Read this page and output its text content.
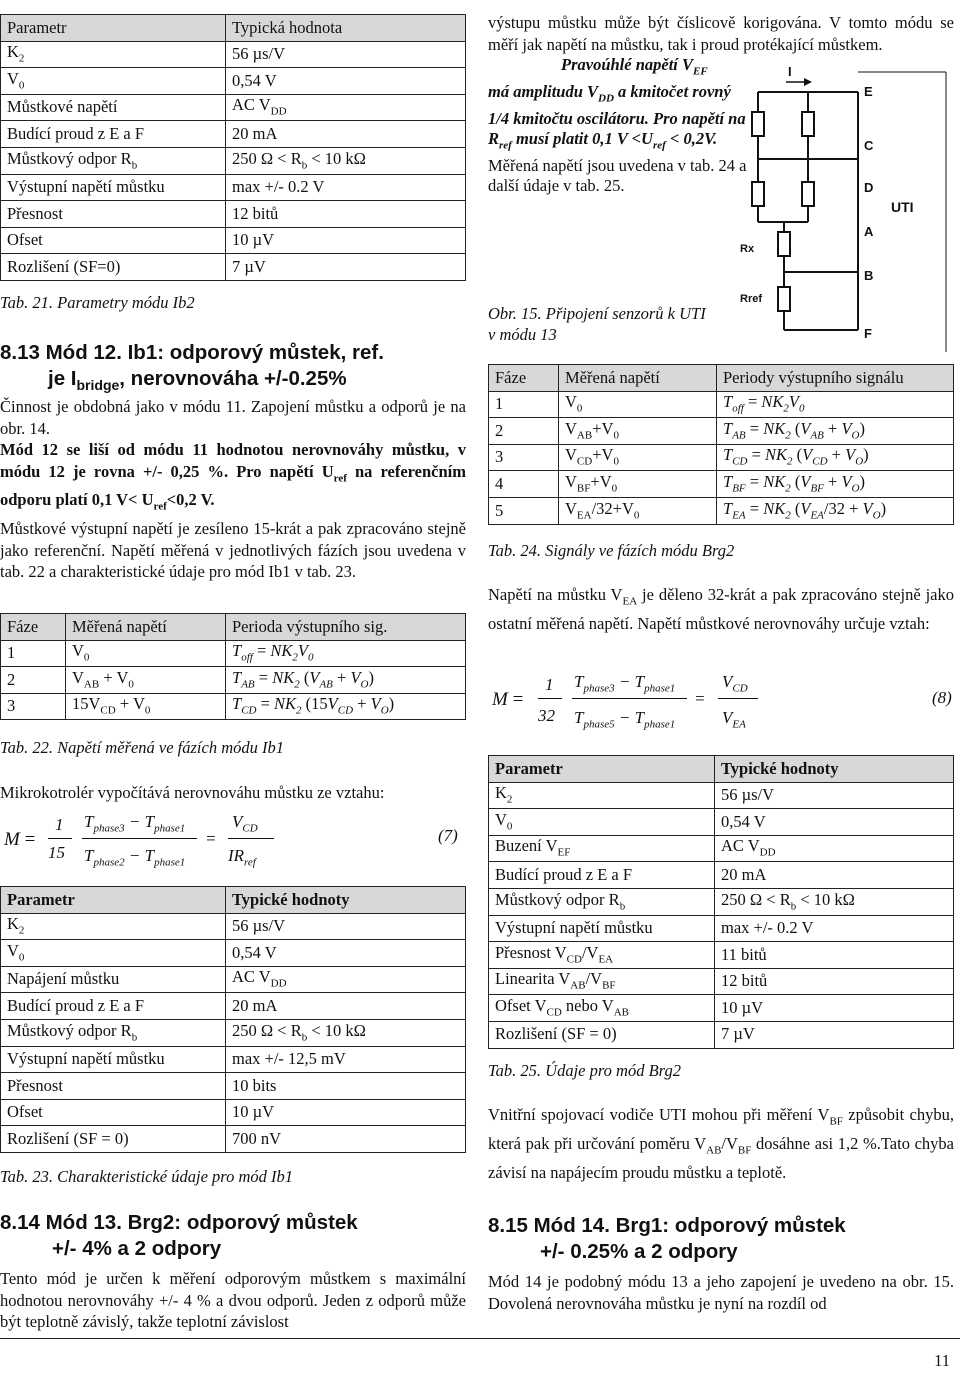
Parametr	Typická hodnota
$K_2$	56 µs/V
$V_0$	0,54 V
Můstkové napětí	AC $V_{DD}$
Budící proud z E a F	20 mA
Můstkový odpor $R_b$	250 $\Omega < R_b < 10$ kΩ
Výstupní napětí můstku	max +/- 0.2 V
Přesnost	12 bitů
Ofset	10 µV
Rozlišení (SF=0)	7 µV
Tab. 21. Parametry módu Ib2
8.13 Mód 12. Ib1: odporový můstek, ref.
je $I_{bridge}$, nerovnováha +/-0.25%
Činnost je obdobná jako v módu 11. Zapojení můstku a odporů je na obr. 14.
Mód 12 se liší od módu 11 hodnotou nerovnováhy můstku, v módu 12 je rovna +/- 0,25 %. Pro napětí $U_{ref}$ na referenčním odporu platí 0,1 $V< U_{ref}<0,2$ V.
Můstkové výstupní napětí je zesíleno 15-krát a pak zpracováno stejně jako referenční. Napětí měřená v jednotlivých fázích jsou uvedena v tab. 22 a charakteristické údaje pro mód Ib1 v tab. 23.
Fáze	Měřená napětí	Perioda výstupního sig.
1	$V_0$	$T_{off} = NK_2V_0$
2	$V_{AB} + V_0$	$T_{AB} = NK_2$ $(V_{AB} + V_O)$
3	$15V_{CD} + V_0$	$T_{CD} = NK_2$ $(15V_{CD} + V_O)$
Tab. 22. Napětí měřená ve fázích módu Ib1
Mikrokotrolér vypočítává nerovnováhu můstku ze vztahu:
M =
1
15
$T_{phase3} - T_{phase1}$
$T_{phase2} - T_{phase1}$
=
$V_{CD}$
$IR_{ref}$
(7)
Parametr	Typické hodnoty
$K_2$	56 µs/V
$V_0$	0,54 V
Napájení můstku	AC $V_{DD}$
Budící proud z E a F	20 mA
Můstkový odpor $R_b$	250 $\Omega < R_b < 10$ kΩ
Výstupní napětí můstku	max +/- 12,5 mV
Přesnost	10 bits
Ofset	10 µV
Rozlišení (SF = 0)	700 nV
Tab. 23. Charakteristické údaje pro mód Ib1
8.14 Mód 13. Brg2: odporový můstek
+/- 4% a 2 odpory
Tento mód je určen k měření odporovým můstkem s maximální hodnotou nerovnováhy +/- 4 % a dvou odporů. Jeden z odporů může být teplotně závislý, takže teplotní závislost
výstupu můstku může být číslicově korigována. V tomto módu se měří jak napětí na můstku, tak i proud protékající můstkem.
Pravoúhlé napětí $V_{EF}$
má amplitudu $V_{DD}$ a kmitočet rovný 1/4 kmitočtu oscilátoru. Pro napětí na $R_{ref}$ musí platit 0,1 $V <U_{ref} < 0,2V$.
Měřená napětí jsou uvedena v tab. 24 a další údaje v tab. 25.
I
E
C
D
A
B
F
UTI
Rx
Rref
Obr. 15. Připojení senzorů k UTI
v módu 13
Fáze	Měřená napětí	Periody výstupního signálu
1	$V_0$	$T_{off} = NK_2V_0$
2	$V_{AB}+V_0$	$T_{AB} = NK_2$ $(V_{AB} + V_O)$
3	$V_{CD}+V_0$	$T_{CD} = NK_2$ $(V_{CD} + V_O)$
4	$V_{BF}+V_0$	$T_{BF} = NK_2$ $(V_{BF} + V_O)$
5	$V_{EA}/32+V_0$	$T_{EA} = NK_2$ $(V_{EA}/32 + V_O)$
Tab. 24. Signály ve fázích módu Brg2
Napětí na můstku $V_{EA}$ je děleno 32-krát a pak zpracováno stejně jako ostatní měřená napětí. Napětí můstkové nerovnováhy určuje vztah:
M =
1
32
$T_{phase3} - T_{phase1}$
$T_{phase5} - T_{phase1}$
=
$V_{CD}$
$V_{EA}$
(8)
Parametr	Typické hodnoty
$K_2$	56 µs/V
$V_0$	0,54 V
Buzení $V_{EF}$	AC $V_{DD}$
Budící proud z E a F	20 mA
Můstkový odpor $R_b$	250 $\Omega < R_b < 10$ kΩ
Výstupní napětí můstku	max +/- 0.2 V
Přesnost $V_{CD}/V_{EA}$	11 bitů
Linearita $V_{AB}/V_{BF}$	12 bitů
Ofset $V_{CD}$ nebo $V_{AB}$	10 µV
Rozlišení (SF = 0)	7 µV
Tab. 25. Údaje pro mód Brg2
Vnitřní spojovací vodiče UTI mohou při měření $V_{BF}$ způsobit chybu, která pak při určování poměru $V_{AB}/V_{BF}$ dosáhne asi 1,2 %.Tato chyba závisí na napájecím proudu můstku a teplotě.
8.15 Mód 14. Brg1: odporový můstek
+/- 0.25% a 2 odpory
Mód 14 je podobný módu 13 a jeho zapojení je uvedeno na obr. 15. Dovolená nerovnováha můstku je nyní na rozdíl od
11
